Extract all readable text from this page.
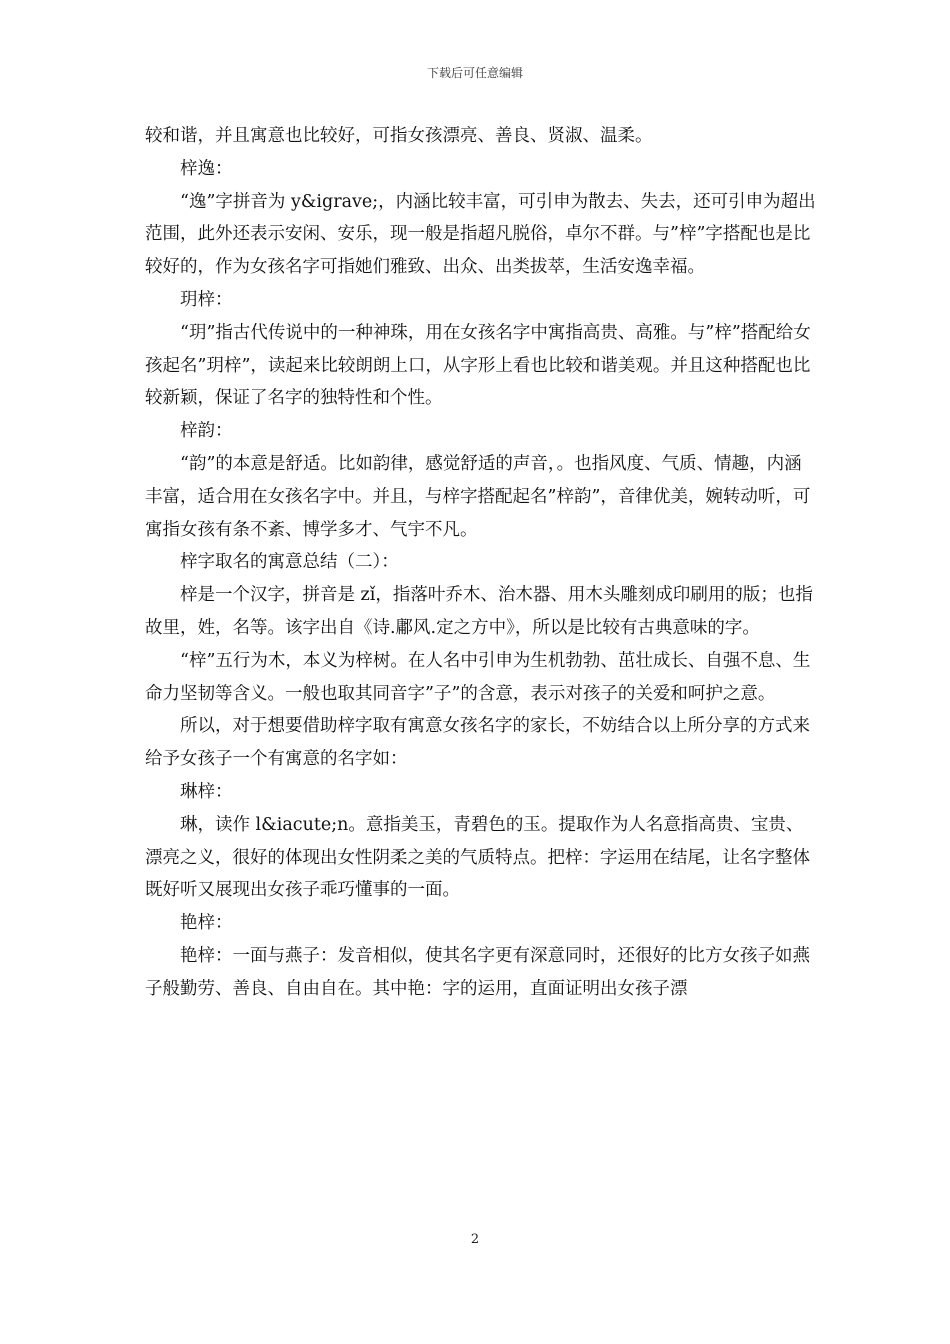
下载后可任意编辑

较和谐，并且寓意也比较好，可指女孩漂亮、善良、贤淑、温柔。

梓逸：

“逸”字拼音为 y&igrave;，内涵比较丰富，可引申为散去、失去，还可引申为超出范围，此外还表示安闲、安乐，现一般是指超凡脱俗，卓尔不群。与”梓”字搭配也是比较好的，作为女孩名字可指她们雅致、出众、出类拔萃，生活安逸幸福。

玥梓：

“玥”指古代传说中的一种神珠，用在女孩名字中寓指高贵、高雅。与”梓”搭配给女孩起名”玥梓”，读起来比较朗朗上口，从字形上看也比较和谐美观。并且这种搭配也比较新颖，保证了名字的独特性和个性。

梓韵：

“韵”的本意是舒适。比如韵律，感觉舒适的声音，。也指风度、气质、情趣，内涵丰富，适合用在女孩名字中。并且，与梓字搭配起名”梓韵”，音律优美，婉转动听，可寓指女孩有条不紊、博学多才、气宇不凡。

梓字取名的寓意总结（二）：

梓是一个汉字，拼音是 zǐ，指落叶乔木、治木器、用木头雕刻成印刷用的版；也指故里，姓，名等。该字出自《诗.鄘风.定之方中》，所以是比较有古典意味的字。

“梓”五行为木，本义为梓树。在人名中引申为生机勃勃、茁壮成长、自强不息、生命力坚韧等含义。一般也取其同音字”子”的含意，表示对孩子的关爱和呵护之意。

所以，对于想要借助梓字取有寓意女孩名字的家长，不妨结合以上所分享的方式来给予女孩子一个有寓意的名字如：

琳梓：

琳，读作 l&iacute;n。意指美玉，青碧色的玉。提取作为人名意指高贵、宝贵、漂亮之义，很好的体现出女性阴柔之美的气质特点。把梓：字运用在结尾，让名字整体既好听又展现出女孩子乖巧懂事的一面。

艳梓：

艳梓：一面与燕子：发音相似，使其名字更有深意同时，还很好的比方女孩子如燕子般勤劳、善良、自由自在。其中艳：字的运用，直面证明出女孩子漂

2
